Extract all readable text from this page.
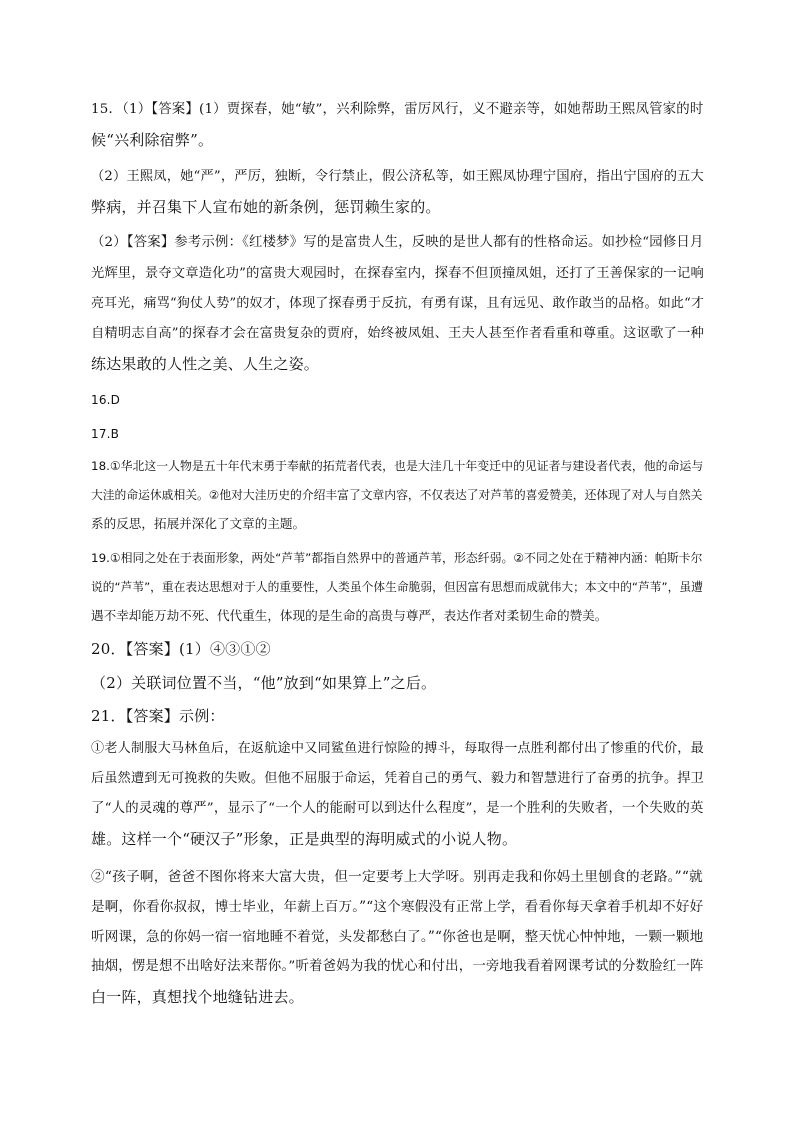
15．（1）【答案】(1）贾探春，她“敏”，兴利除弊，雷厉风行，义不避亲等，如她帮助王熙凤管家的时
候“兴利除宿弊”。
（2）王熙凤，她“严”，严厉，独断，令行禁止，假公济私等，如王熙凤协理宁国府，指出宁国府的五大
弊病，并召集下人宣布她的新条例，惩罚赖生家的。
（2）【答案】参考示例：《红楼梦》写的是富贵人生，反映的是世人都有的性格命运。如抄检“园修日月
光辉里，景夺文章造化功”的富贵大观园时，在探春室内，探春不但顶撞凤姐，还打了王善保家的一记响
亮耳光，痛骂“狗仗人势”的奴才，体现了探春勇于反抗，有勇有谋，且有远见、敢作敢当的品格。如此“才
自精明志自高”的探春才会在富贵复杂的贾府，始终被凤姐、王夫人甚至作者看重和尊重。这讴歌了一种
练达果敢的人性之美、人生之姿。
16.D
17.B
18.①华北这一人物是五十年代末勇于奉献的拓荒者代表，也是大洼几十年变迁中的见证者与建设者代表，他的命运与
大洼的命运休戚相关。②他对大洼历史的介绍丰富了文章内容，不仅表达了对芦苇的喜爱赞美，还体现了对人与自然关
系的反思，拓展并深化了文章的主题。
19.①相同之处在于表面形象，两处“芦苇”都指自然界中的普通芦苇，形态纤弱。②不同之处在于精神内涵：帕斯卡尔
说的“芦苇”，重在表达思想对于人的重要性，人类虽个体生命脆弱，但因富有思想而成就伟大；本文中的“芦苇”，虽遭
遇不幸却能万劫不死、代代重生，体现的是生命的高贵与尊严，表达作者对柔韧生命的赞美。
20．【答案】(1）④③①②
（2）关联词位置不当，“他”放到“如果算上”之后。
21．【答案】示例：
①老人制服大马林鱼后，在返航途中又同鲨鱼进行惊险的搏斗，每取得一点胜利都付出了惨重的代价，最
后虽然遭到无可挽救的失败。但他不屈服于命运，凭着自己的勇气、毅力和智慧进行了奋勇的抗争。捍卫
了“人的灵魂的尊严”，显示了“一个人的能耐可以到达什么程度”，是一个胜利的失败者，一个失败的英
雄。这样一个“硬汉子”形象，正是典型的海明威式的小说人物。
②“孩子啊，爸爸不图你将来大富大贵，但一定要考上大学呀。别再走我和你妈土里刨食的老路。”“就
是啊，你看你叔叔，博士毕业，年薪上百万。”“这个寒假没有正常上学，看看你每天拿着手机却不好好
听网课，急的你妈一宿一宿地睡不着觉，头发都愁白了。”“你爸也是啊，整天忧心忡忡地，一颗一颗地
抽烟，愣是想不出啥好法来帮你。”听着爸妈为我的忧心和付出，一旁地我看着网课考试的分数脸红一阵
白一阵，真想找个地缝钻进去。
